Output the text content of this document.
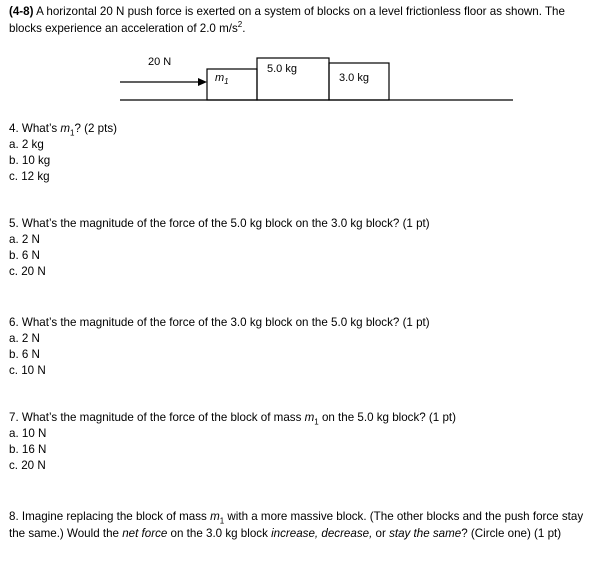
(4-8) A horizontal 20 N push force is exerted on a system of blocks on a level frictionless floor as shown. The blocks experience an acceleration of 2.0 $m/s^2$.
20 N
$m_1$
5.0 kg
3.0 kg
4. What’s $m_1$? (2 pts)
a. 2 kg
b. 10 kg
c. 12 kg
5. What’s the magnitude of the force of the 5.0 kg block on the 3.0 kg block? (1 pt)
a. 2 N
b. 6 N
c. 20 N
6. What’s the magnitude of the force of the 3.0 kg block on the 5.0 kg block? (1 pt)
a. 2 N
b. 6 N
c. 10 N
7. What’s the magnitude of the force of the block of mass $m_1$ on the 5.0 kg block? (1 pt)
a. 10 N
b. 16 N
c. 20 N
8. Imagine replacing the block of mass $m_1$ with a more massive block. (The other blocks and the push force stay the same.) Would the net force on the 3.0 kg block increase, decrease, or stay the same? (Circle one) (1 pt)
